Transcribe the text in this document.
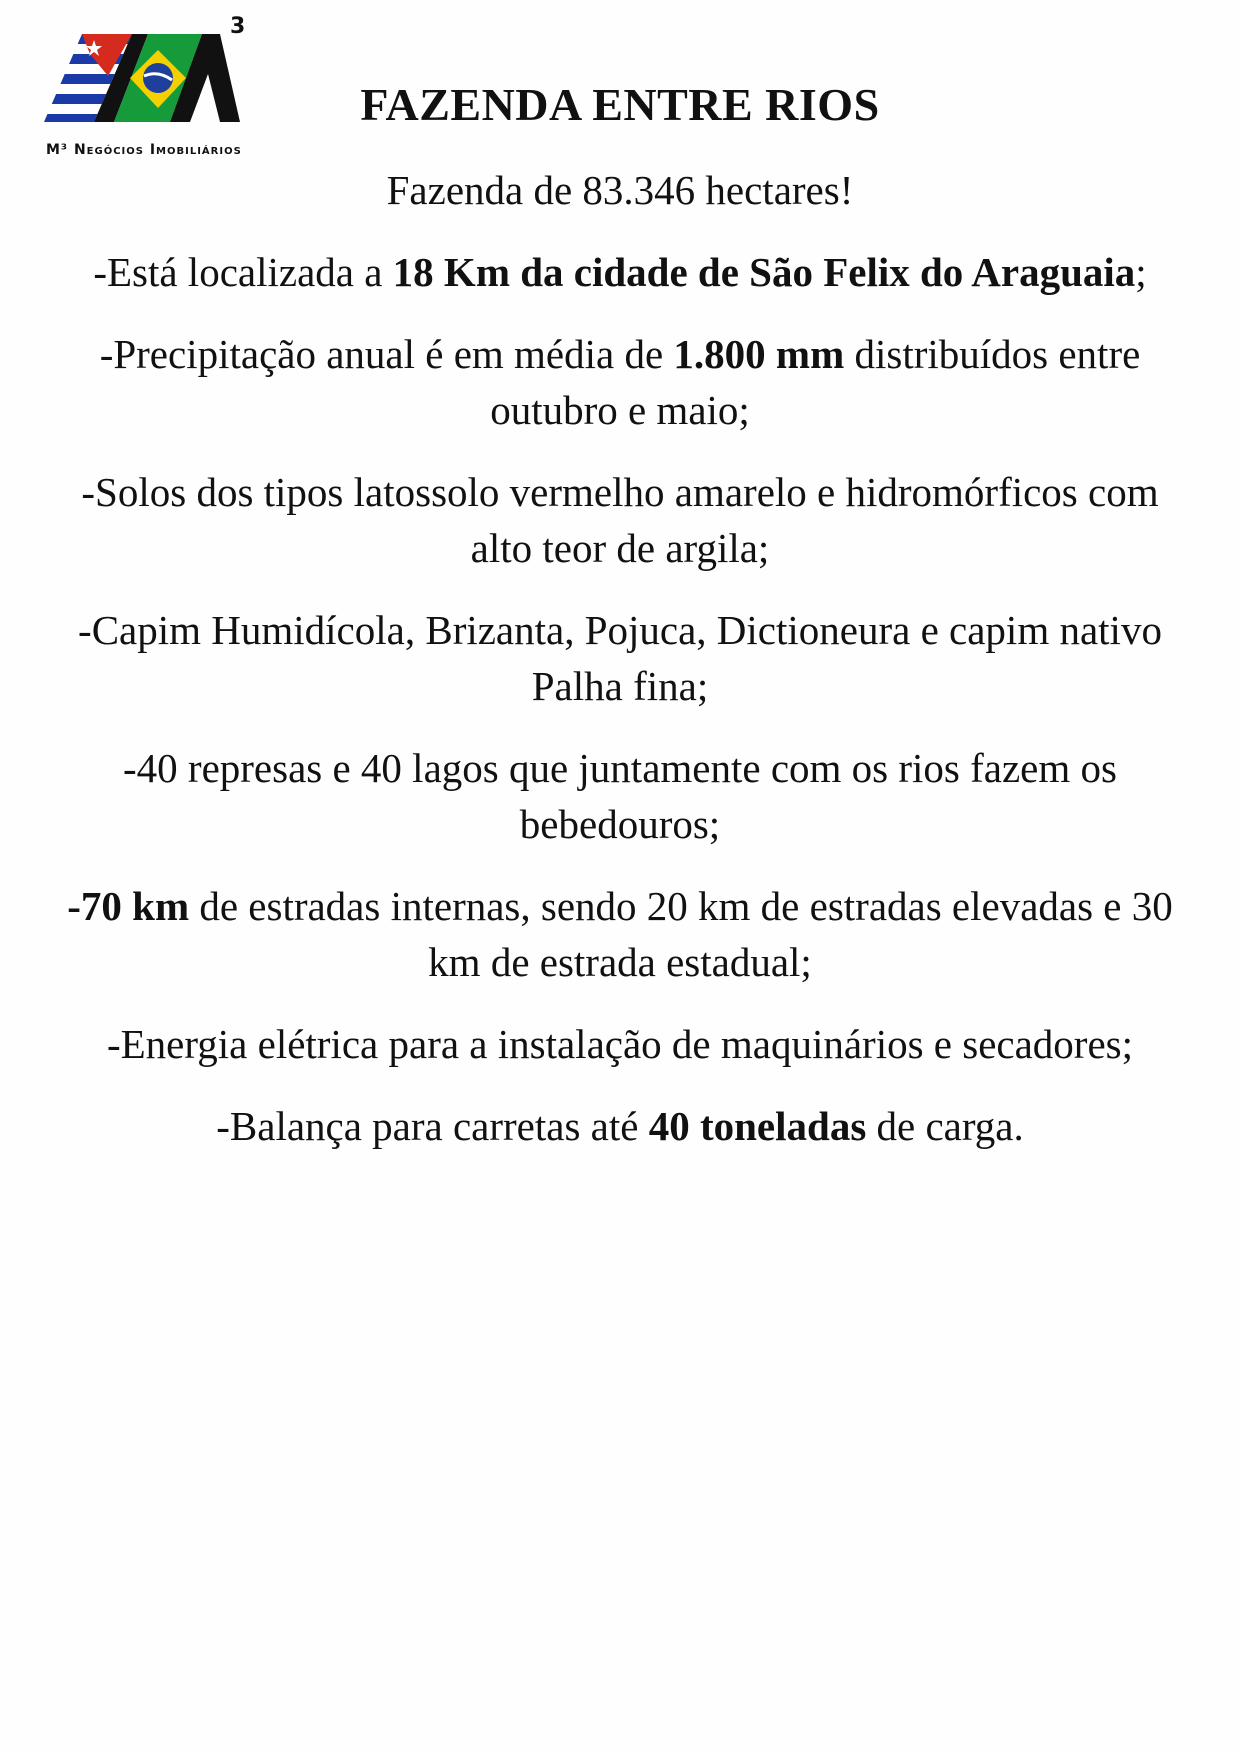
3
M³ Negócios Imobiliários
FAZENDA ENTRE RIOS

Fazenda de 83.346 hectares!

-Está localizada a 18 Km da cidade de São Felix do Araguaia;

-Precipitação anual é em média de 1.800 mm distribuídos entre outubro e maio;

-Solos dos tipos latossolo vermelho amarelo e hidromórficos com alto teor de argila;

-Capim Humidícola, Brizanta, Pojuca, Dictioneura e capim nativo Palha fina;

-40 represas e 40 lagos que juntamente com os rios fazem os bebedouros;

-70 km de estradas internas, sendo 20 km de estradas elevadas e 30 km de estrada estadual;

-Energia elétrica para a instalação de maquinários e secadores;

-Balança para carretas até 40 toneladas de carga.
